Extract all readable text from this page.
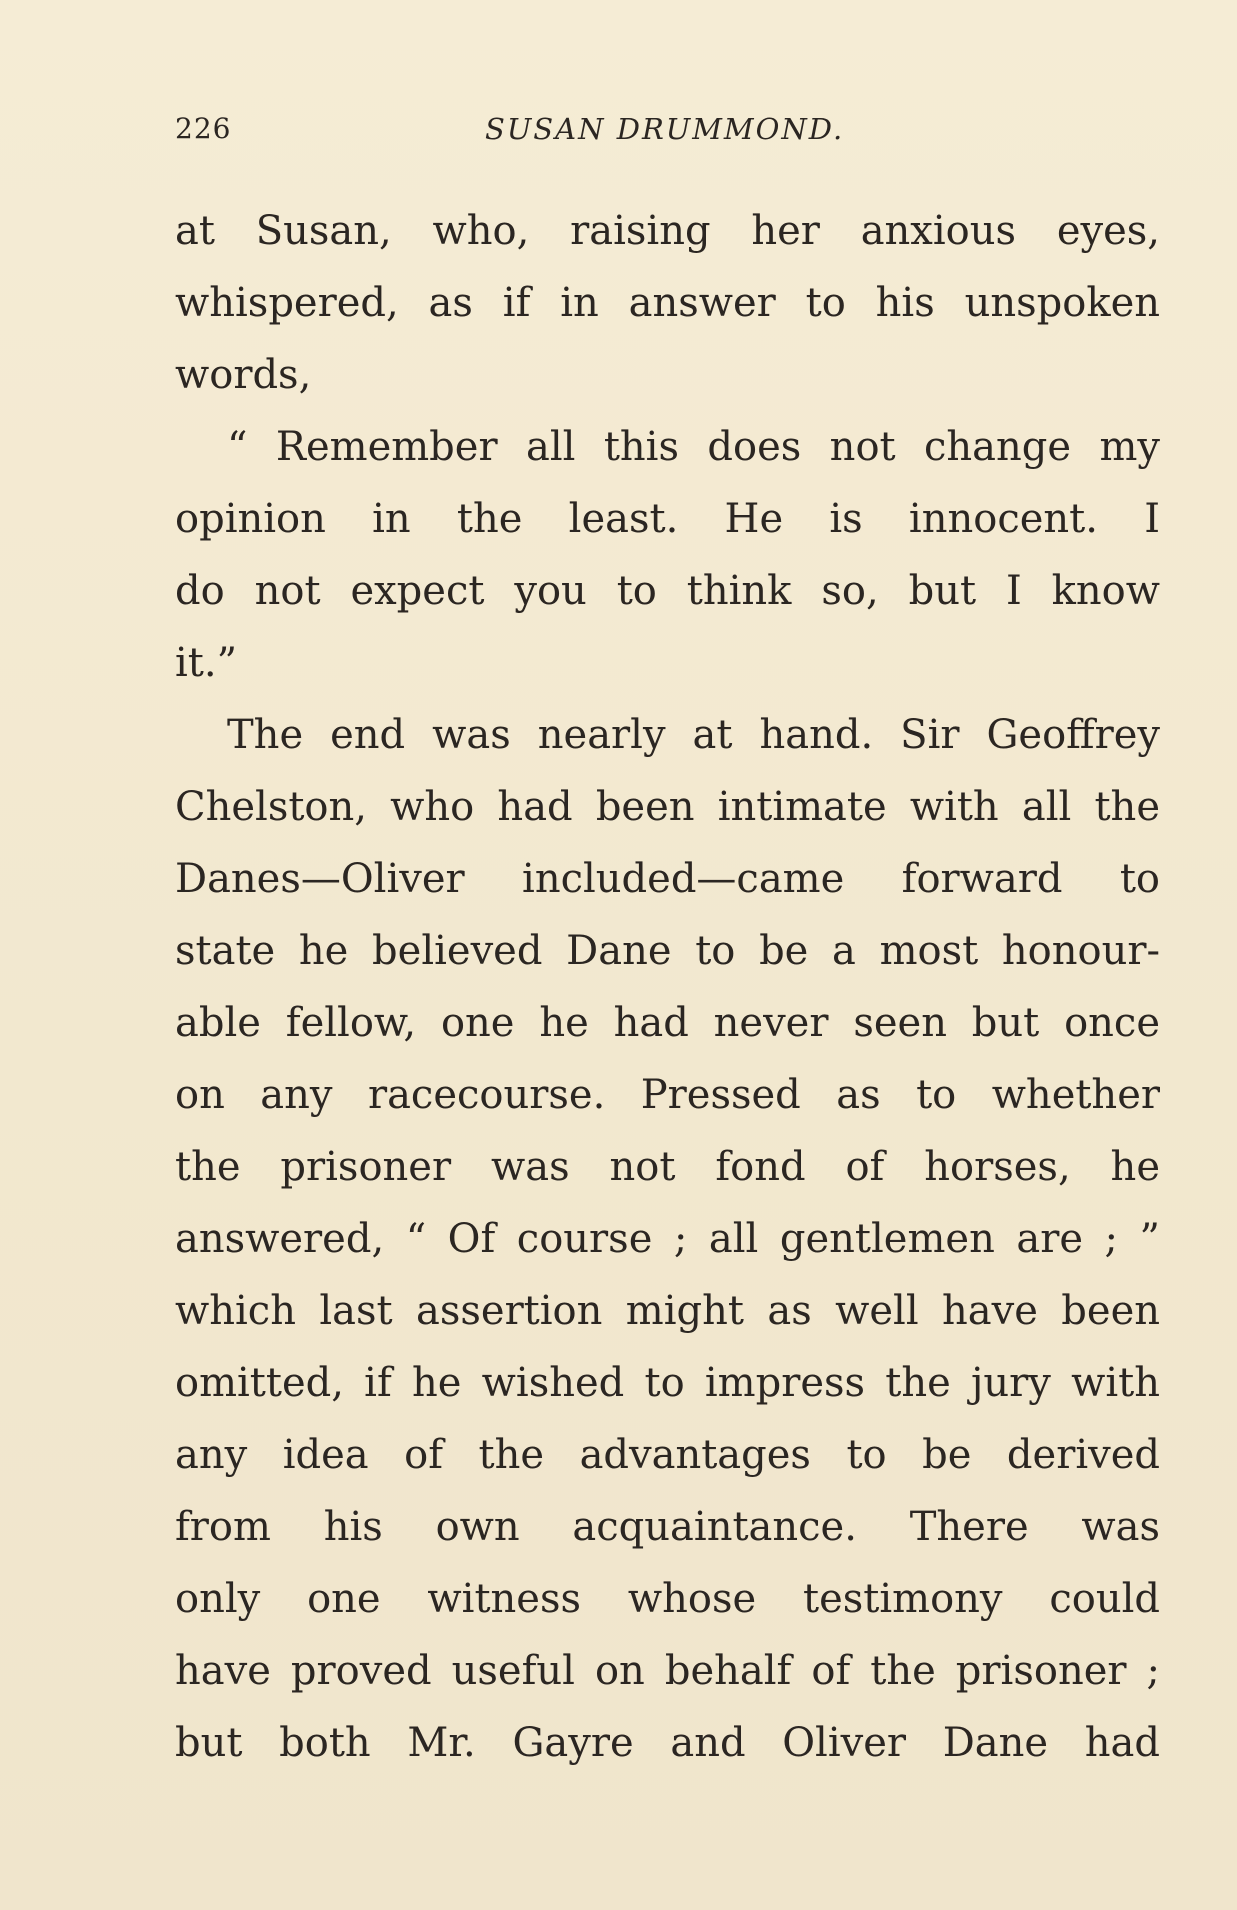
226	SUSAN DRUMMOND.
at Susan, who, raising her anxious eyes,
whispered, as if in answer to his unspoken
words,
“ Remember all this does not change my
opinion in the least. He is innocent. I
do not expect you to think so, but I know
it.”
The end was nearly at hand. Sir Geoffrey
Chelston, who had been intimate with all the
Danes—Oliver included—came forward to
state he believed Dane to be a most honour-
able fellow, one he had never seen but once
on any racecourse. Pressed as to whether
the prisoner was not fond of horses, he
answered, “ Of course ; all gentlemen are ; ”
which last assertion might as well have been
omitted, if he wished to impress the jury with
any idea of the advantages to be derived
from his own acquaintance. There was
only one witness whose testimony could
have proved useful on behalf of the prisoner ;
but both Mr. Gayre and Oliver Dane had
